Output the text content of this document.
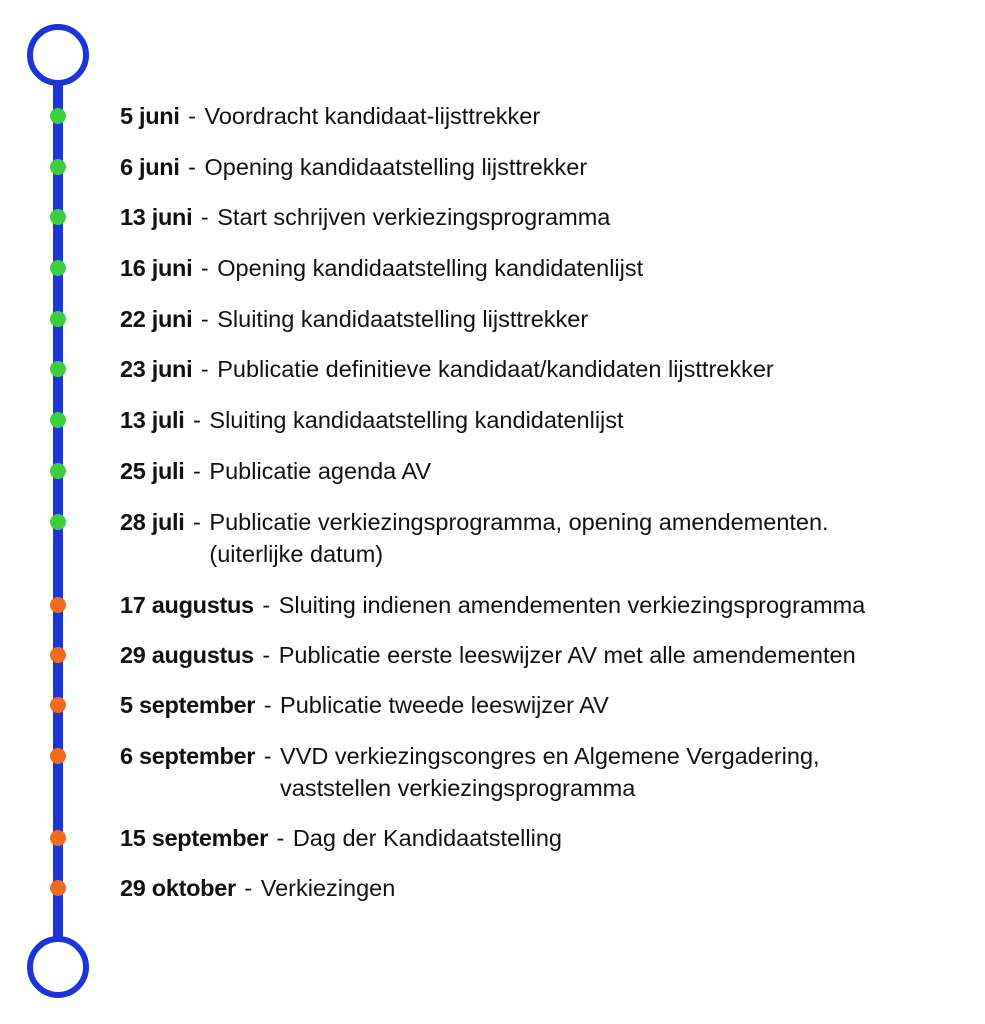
5 juni - Voordracht kandidaat-lijsttrekker
6 juni - Opening kandidaatstelling lijsttrekker
13 juni - Start schrijven verkiezingsprogramma
16 juni - Opening kandidaatstelling kandidatenlijst
22 juni - Sluiting kandidaatstelling lijsttrekker
23 juni - Publicatie definitieve kandidaat/kandidaten lijsttrekker
13 juli - Sluiting kandidaatstelling kandidatenlijst
25 juli - Publicatie agenda AV
28 juli - Publicatie verkiezingsprogramma, opening amendementen.
(uiterlijke datum)
17 augustus - Sluiting indienen amendementen verkiezingsprogramma
29 augustus - Publicatie eerste leeswijzer AV met alle amendementen
5 september - Publicatie tweede leeswijzer AV
6 september - VVD verkiezingscongres en Algemene Vergadering,
vaststellen verkiezingsprogramma
15 september - Dag der Kandidaatstelling
29 oktober - Verkiezingen
